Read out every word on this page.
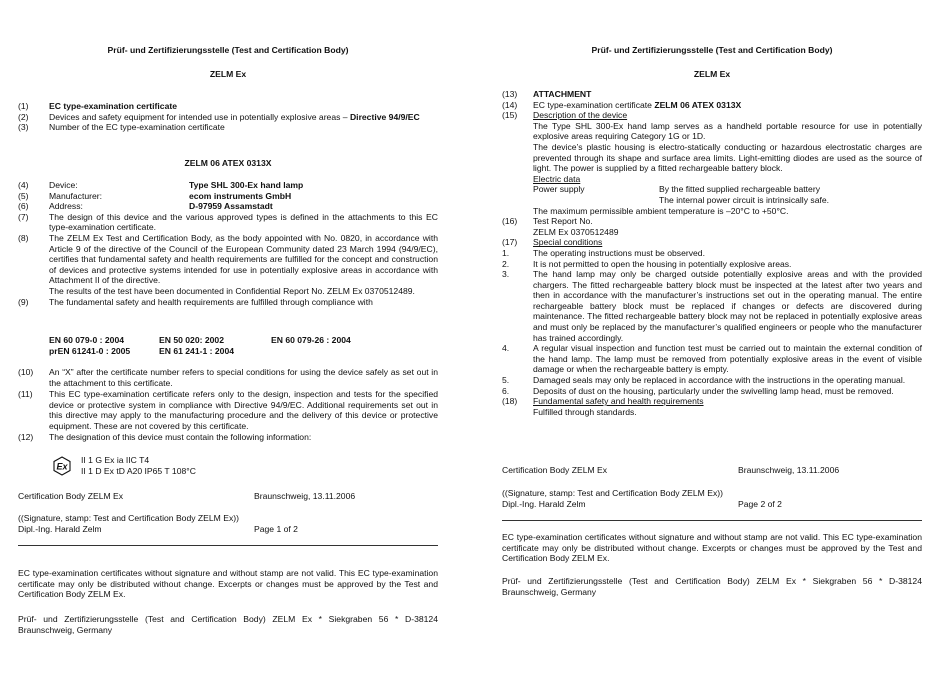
Prüf- und Zertifizierungsstelle (Test and Certification Body)
ZELM Ex
(1) EC type-examination certificate
(2) Devices and safety equipment for intended use in potentially explosive areas – Directive 94/9/EC
(3) Number of the EC type-examination certificate
ZELM 06 ATEX 0313X
(4) Device:	Type SHL 300-Ex hand lamp
(5) Manufacturer:	ecom instruments GmbH
(6) Address:	D-97959 Assamstadt
(7) The design of this device and the various approved types is defined in the attachments to this EC type-examination certificate.
(8) The ZELM Ex Test and Certification Body, as the body appointed with No. 0820, in accordance with Article 9 of the directive of the Council of the European Community dated 23 March 1994 (94/9/EC), certifies that fundamental safety and health requirements are fulfilled for the concept and construction of devices and protective systems intended for use in potentially explosive areas in accordance with Attachment II of the directive.
The results of the test have been documented in Confidential Report No. ZELM Ex 0370512489.
(9) The fundamental safety and health requirements are fulfilled through compliance with
EN 60 079-0 : 2004	EN 50 020: 2002	EN 60 079-26 : 2004
prEN 61241-0 : 2005	EN 61 241-1 : 2004
(10) An “X” after the certificate number refers to special conditions for using the device safely as set out in the attachment to this certificate.
(11) This EC type-examination certificate refers only to the design, inspection and tests for the specified device or protective system in compliance with Directive 94/9/EC. Additional requirements set out in this directive may apply to the manufacturing procedure and the delivery of this device or protective equipment. These are not covered by this certificate.
(12) The designation of this device must contain the following information:
Ex
II 1 G Ex ia IIC T4
II 1 D Ex tD A20 IP65 T 108°C
Certification Body ZELM Ex	Braunschweig, 13.11.2006
((Signature, stamp: Test and Certification Body ZELM Ex))
Dipl.-Ing. Harald Zelm	Page 1 of 2
EC type-examination certificates without signature and without stamp are not valid. This EC type-examination certificate may only be distributed without change. Excerpts or changes must be approved by the Test and Certification Body ZELM Ex.
Prüf- und Zertifizierungsstelle (Test and Certification Body) ZELM Ex * Siekgraben 56 * D-38124 Braunschweig, Germany
Prüf- und Zertifizierungsstelle (Test and Certification Body)
ZELM Ex
(13) ATTACHMENT
(14) EC type-examination certificate ZELM 06 ATEX 0313X
(15) Description of the device
The Type SHL 300-Ex hand lamp serves as a handheld portable resource for use in potentially explosive areas requiring Category 1G or 1D.
The device’s plastic housing is electro-statically conducting or hazardous electrostatic charges are prevented through its shape and surface area limits. Light-emitting diodes are used as the source of light. The power is supplied by a fitted rechargeable battery block.
Electric data
Power supply	By the fitted supplied rechargeable battery
The internal power circuit is intrinsically safe.
The maximum permissible ambient temperature is –20°C to +50°C.
(16) Test Report No.
ZELM Ex 0370512489
(17) Special conditions
1.	The operating instructions must be observed.
2.	It is not permitted to open the housing in potentially explosive areas.
3.	The hand lamp may only be charged outside potentially explosive areas and with the provided chargers. The fitted rechargeable battery block must be inspected at the latest after two years and then in accordance with the manufacturer’s instructions set out in the operating manual. The entire rechargeable battery block must be replaced if changes or defects are discovered during maintenance. The fitted rechargeable battery block may not be replaced in potentially explosive areas and must only be replaced by the manufacturer’s qualified engineers or people who the manufacturer has trained accordingly.
4.	A regular visual inspection and function test must be carried out to maintain the external condition of the hand lamp. The lamp must be removed from potentially explosive areas in the event of visible damage or when the rechargeable battery is empty.
5.	Damaged seals may only be replaced in accordance with the instructions in the operating manual.
6.	Deposits of dust on the housing, particularly under the swivelling lamp head, must be removed.
(18) Fundamental safety and health requirements
Fulfilled through standards.
Certification Body ZELM Ex	Braunschweig, 13.11.2006
((Signature, stamp: Test and Certification Body ZELM Ex))
Dipl.-Ing. Harald Zelm	Page 2 of 2
EC type-examination certificates without signature and without stamp are not valid. This EC type-examination certificate may only be distributed without change. Excerpts or changes must be approved by the Test and Certification Body ZELM Ex.
Prüf- und Zertifizierungsstelle (Test and Certification Body) ZELM Ex * Siekgraben 56 * D-38124 Braunschweig, Germany
